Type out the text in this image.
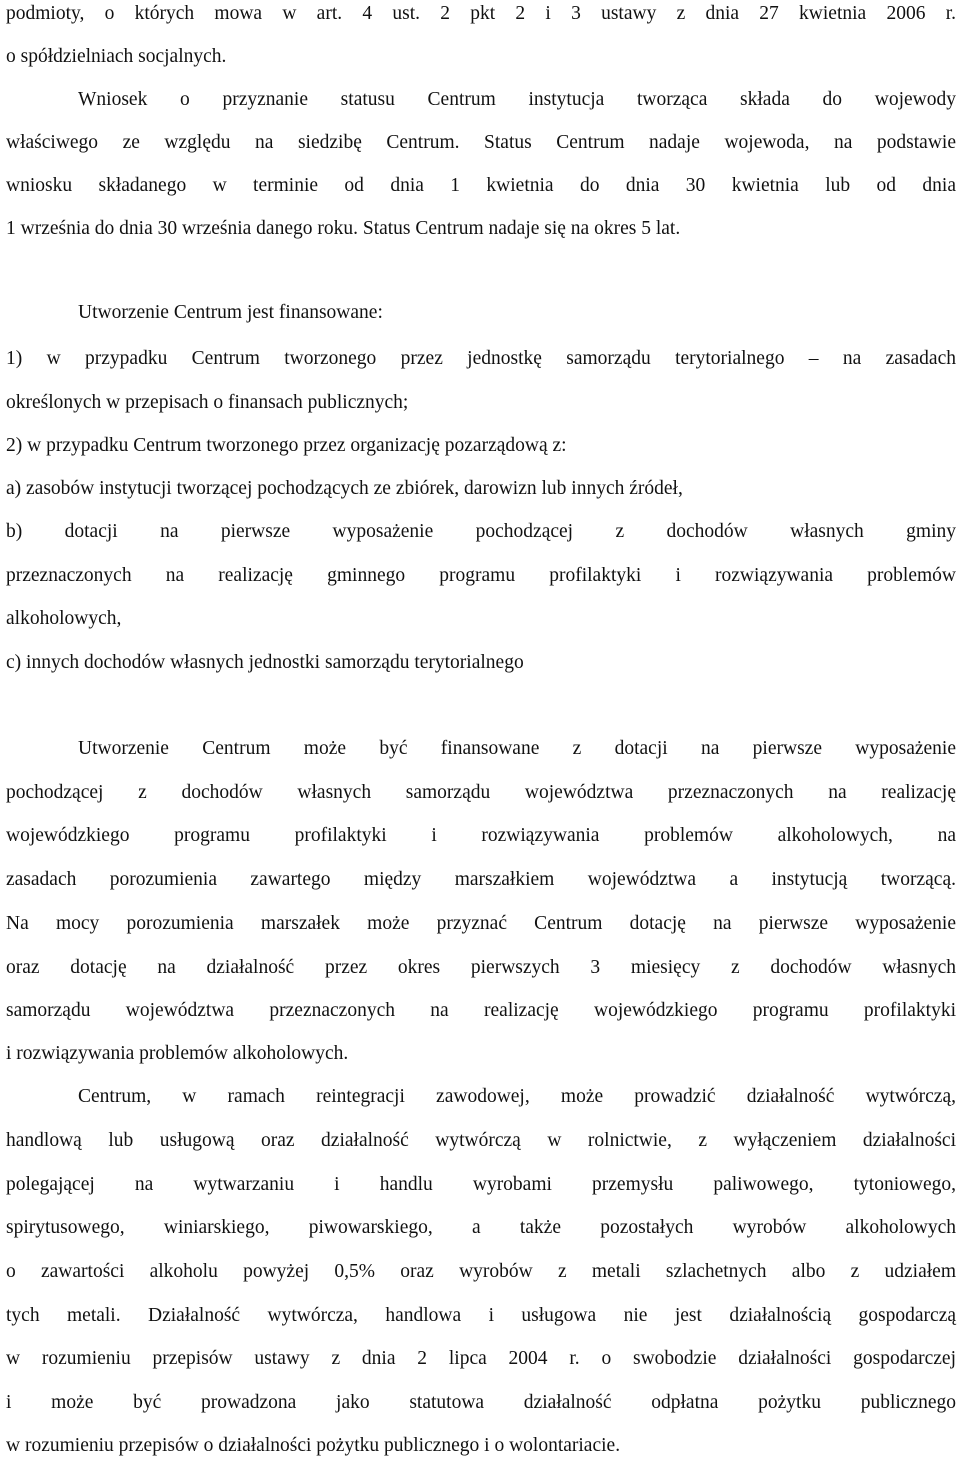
podmioty, o których mowa w art. 4 ust. 2 pkt 2 i 3 ustawy z dnia 27 kwietnia 2006 r.
o spółdzielniach socjalnych.
Wniosek o przyznanie statusu Centrum instytucja tworząca składa do wojewody
właściwego ze względu na siedzibę Centrum. Status Centrum nadaje wojewoda, na podstawie
wniosku składanego w terminie od dnia 1 kwietnia do dnia 30 kwietnia lub od dnia
1 września do dnia 30 września danego roku. Status Centrum nadaje się na okres 5 lat.
Utworzenie Centrum jest finansowane:
1) w przypadku Centrum tworzonego przez jednostkę samorządu terytorialnego – na zasadach
określonych w przepisach o finansach publicznych;
2) w przypadku Centrum tworzonego przez organizację pozarządową z:
a) zasobów instytucji tworzącej pochodzących ze zbiórek, darowizn lub innych źródeł,
b) dotacji na pierwsze wyposażenie pochodzącej z dochodów własnych gminy
przeznaczonych na realizację gminnego programu profilaktyki i rozwiązywania problemów
alkoholowych,
c) innych dochodów własnych jednostki samorządu terytorialnego
Utworzenie Centrum może być finansowane z dotacji na pierwsze wyposażenie
pochodzącej z dochodów własnych samorządu województwa przeznaczonych na realizację
wojewódzkiego programu profilaktyki i rozwiązywania problemów alkoholowych, na
zasadach porozumienia zawartego między marszałkiem województwa a instytucją tworzącą.
Na mocy porozumienia marszałek może przyznać Centrum dotację na pierwsze wyposażenie
oraz dotację na działalność przez okres pierwszych 3 miesięcy z dochodów własnych
samorządu województwa przeznaczonych na realizację wojewódzkiego programu profilaktyki
i rozwiązywania problemów alkoholowych.
Centrum, w ramach reintegracji zawodowej, może prowadzić działalność wytwórczą,
handlową lub usługową oraz działalność wytwórczą w rolnictwie, z wyłączeniem działalności
polegającej na wytwarzaniu i handlu wyrobami przemysłu paliwowego, tytoniowego,
spirytusowego, winiarskiego, piwowarskiego, a także pozostałych wyrobów alkoholowych
o zawartości alkoholu powyżej 0,5% oraz wyrobów z metali szlachetnych albo z udziałem
tych metali. Działalność wytwórcza, handlowa i usługowa nie jest działalnością gospodarczą
w rozumieniu przepisów ustawy z dnia 2 lipca 2004 r. o swobodzie działalności gospodarczej
i może być prowadzona jako statutowa działalność odpłatna pożytku publicznego
w rozumieniu przepisów o działalności pożytku publicznego i o wolontariacie.
